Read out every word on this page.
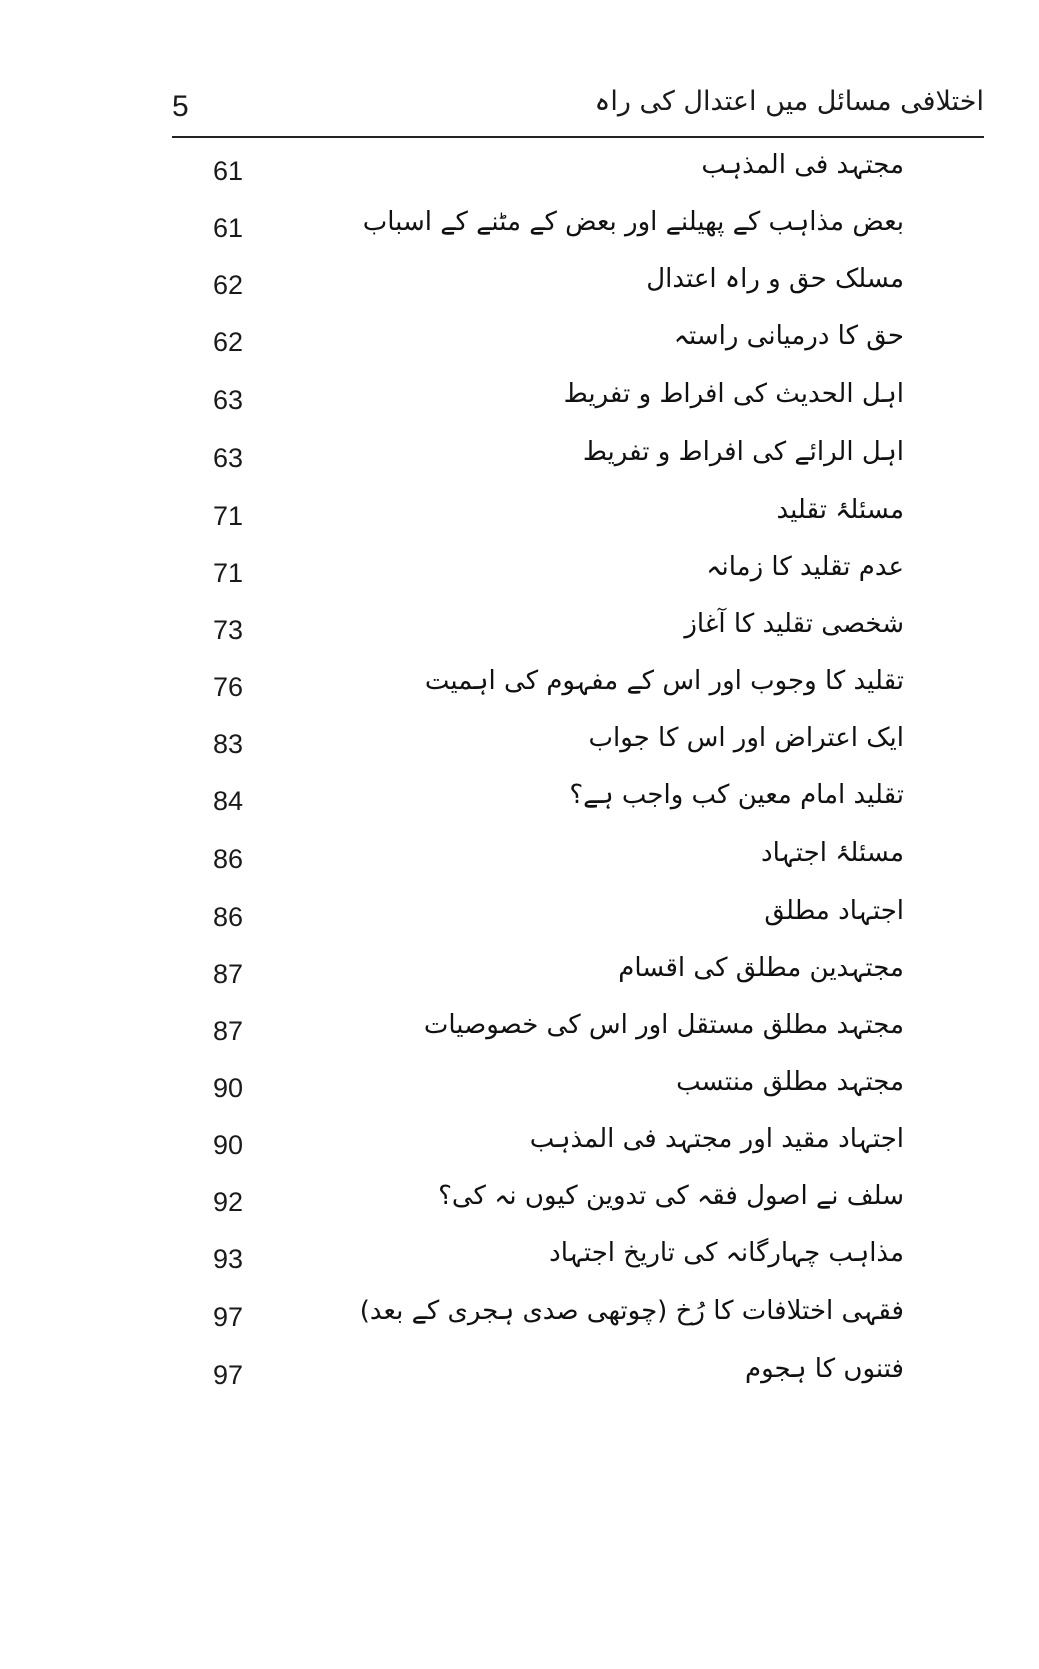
5	اختلافی مسائل میں اعتدال کی راہ
61	مجتہد فی المذہب
61	بعض مذاہب کے پھیلنے اور بعض کے مٹنے کے اسباب
62	مسلک حق و راہ اعتدال
62	حق کا درمیانی راستہ
63	اہل الحدیث کی افراط و تفریط
63	اہل الرائے کی افراط و تفریط
71	مسئلۂ تقلید
71	عدم تقلید کا زمانہ
73	شخصی تقلید کا آغاز
76	تقلید کا وجوب اور اس کے مفہوم کی اہمیت
83	ایک اعتراض اور اس کا جواب
84	تقلید امام معین کب واجب ہے؟
86	مسئلۂ اجتہاد
86	اجتہاد مطلق
87	مجتہدین مطلق کی اقسام
87	مجتہد مطلق مستقل اور اس کی خصوصیات
90	مجتہد مطلق منتسب
90	اجتہاد مقید اور مجتہد فی المذہب
92	سلف نے اصول فقہ کی تدوین کیوں نہ کی؟
93	مذاہب چہارگانہ کی تاریخ اجتہاد
97	فقہی اختلافات کا رُخ (چوتھی صدی ہجری کے بعد)
97	فتنوں کا ہجوم
